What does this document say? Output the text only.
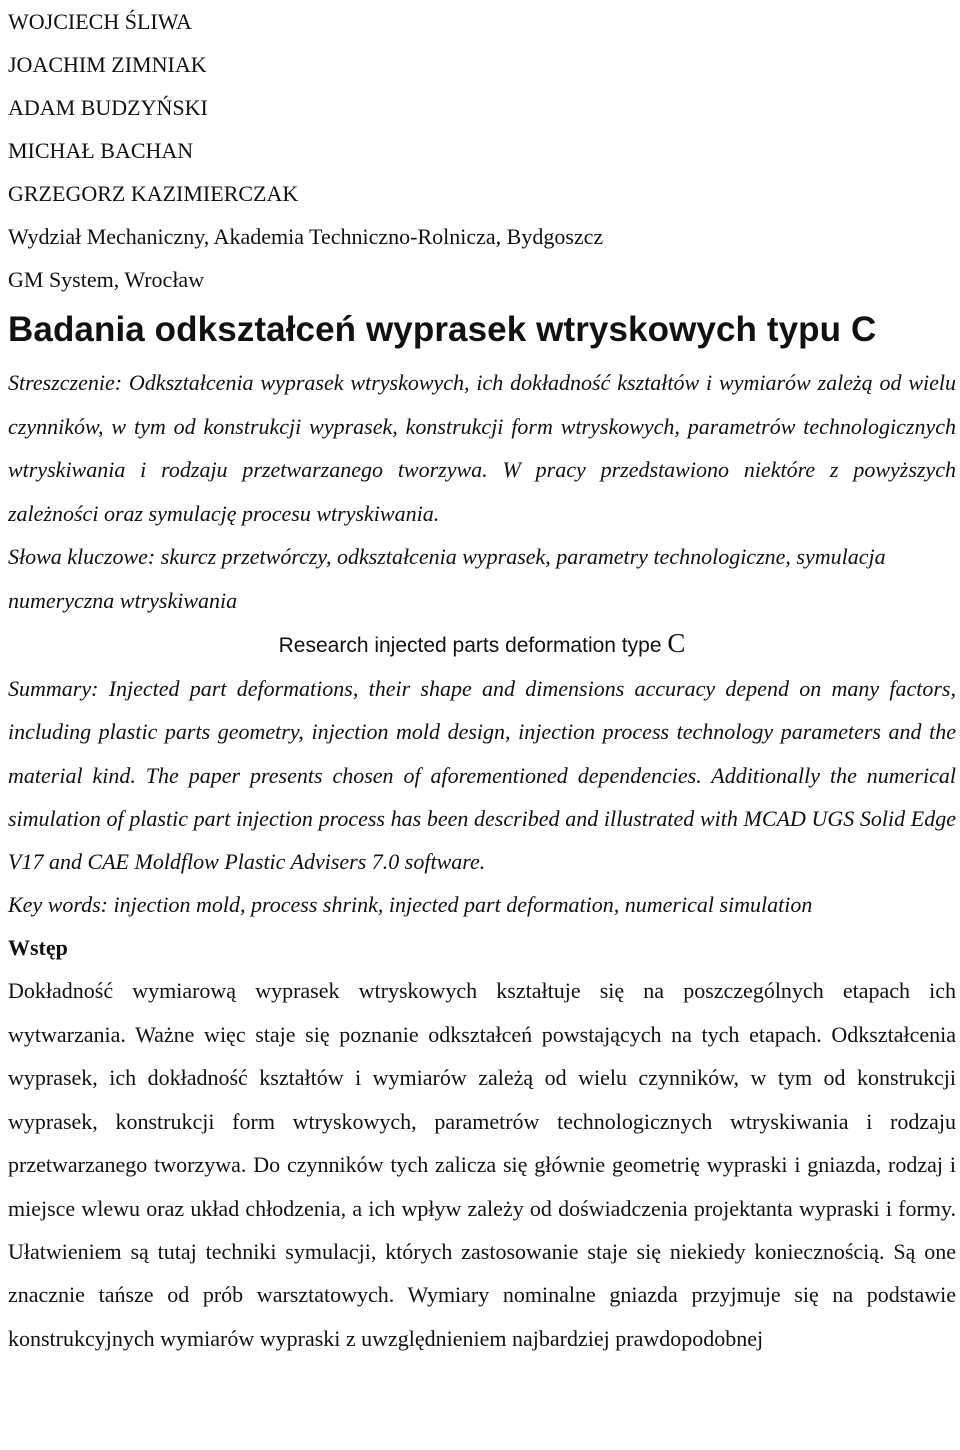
WOJCIECH ŚLIWA
JOACHIM ZIMNIAK
ADAM BUDZYŃSKI
MICHAŁ BACHAN
GRZEGORZ KAZIMIERCZAK
Wydział Mechaniczny, Akademia Techniczno-Rolnicza, Bydgoszcz
GM System, Wrocław
Badania odkształceń wyprasek wtryskowych typu C
Streszczenie: Odkształcenia wyprasek wtryskowych, ich dokładność kształtów i wymiarów zależą od wielu czynników, w tym od konstrukcji wyprasek, konstrukcji form wtryskowych, parametrów technologicznych wtryskiwania i rodzaju przetwarzanego tworzywa. W pracy przedstawiono niektóre z powyższych zależności oraz symulację procesu wtryskiwania.
Słowa kluczowe: skurcz przetwórczy, odkształcenia wyprasek, parametry technologiczne, symulacja numeryczna wtryskiwania
Research injected parts deformation type C
Summary: Injected part deformations, their shape and dimensions accuracy depend on many factors, including plastic parts geometry, injection mold design, injection process technology parameters and the material kind. The paper presents chosen of aforementioned dependencies. Additionally the numerical simulation of plastic part injection process has been described and illustrated with MCAD UGS Solid Edge V17 and CAE Moldflow Plastic Advisers 7.0 software.
Key words: injection mold, process shrink, injected part deformation, numerical simulation
Wstęp
Dokładność wymiarową wyprasek wtryskowych kształtuje się na poszczególnych etapach ich wytwarzania. Ważne więc staje się poznanie odkształceń powstających na tych etapach. Odkształcenia wyprasek, ich dokładność kształtów i wymiarów zależą od wielu czynników, w tym od konstrukcji wyprasek, konstrukcji form wtryskowych, parametrów technologicznych wtryskiwania i rodzaju przetwarzanego tworzywa. Do czynników tych zalicza się głównie geometrię wypraski i gniazda, rodzaj i miejsce wlewu oraz układ chłodzenia, a ich wpływ zależy od doświadczenia projektanta wypraski i formy. Ułatwieniem są tutaj techniki symulacji, których zastosowanie staje się niekiedy koniecznością. Są one znacznie tańsze od prób warsztatowych. Wymiary nominalne gniazda przyjmuje się na podstawie konstrukcyjnych wymiarów wypraski z uwzględnieniem najbardziej prawdopodobnej
